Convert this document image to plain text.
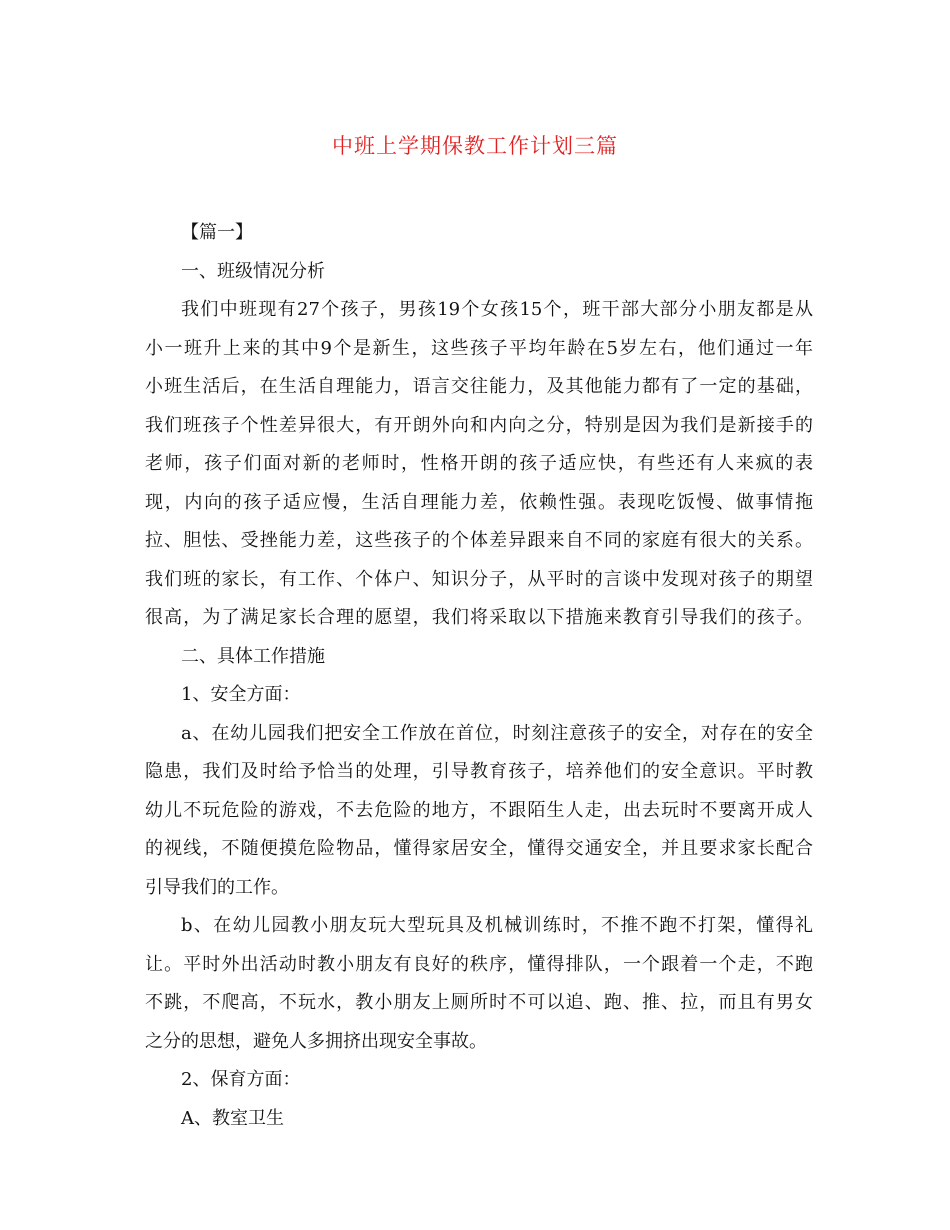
中班上学期保教工作计划三篇
【篇一】
一、班级情况分析
我们中班现有27个孩子，男孩19个女孩15个，班干部大部分小朋友都是从
小一班升上来的其中9个是新生，这些孩子平均年龄在5岁左右，他们通过一年
小班生活后，在生活自理能力，语言交往能力，及其他能力都有了一定的基础，
我们班孩子个性差异很大，有开朗外向和内向之分，特别是因为我们是新接手的
老师，孩子们面对新的老师时，性格开朗的孩子适应快，有些还有人来疯的表
现，内向的孩子适应慢，生活自理能力差，依赖性强。表现吃饭慢、做事情拖
拉、胆怯、受挫能力差，这些孩子的个体差异跟来自不同的家庭有很大的关系。
我们班的家长，有工作、个体户、知识分子，从平时的言谈中发现对孩子的期望
很高，为了满足家长合理的愿望，我们将采取以下措施来教育引导我们的孩子。
二、具体工作措施
1、安全方面：
a、在幼儿园我们把安全工作放在首位，时刻注意孩子的安全，对存在的安全
隐患，我们及时给予恰当的处理，引导教育孩子，培养他们的安全意识。平时教
幼儿不玩危险的游戏，不去危险的地方，不跟陌生人走，出去玩时不要离开成人
的视线，不随便摸危险物品，懂得家居安全，懂得交通安全，并且要求家长配合
引导我们的工作。
b、在幼儿园教小朋友玩大型玩具及机械训练时，不推不跑不打架，懂得礼
让。平时外出活动时教小朋友有良好的秩序，懂得排队，一个跟着一个走，不跑
不跳，不爬高，不玩水，教小朋友上厕所时不可以追、跑、推、拉，而且有男女
之分的思想，避免人多拥挤出现安全事故。
2、保育方面：
A、教室卫生
